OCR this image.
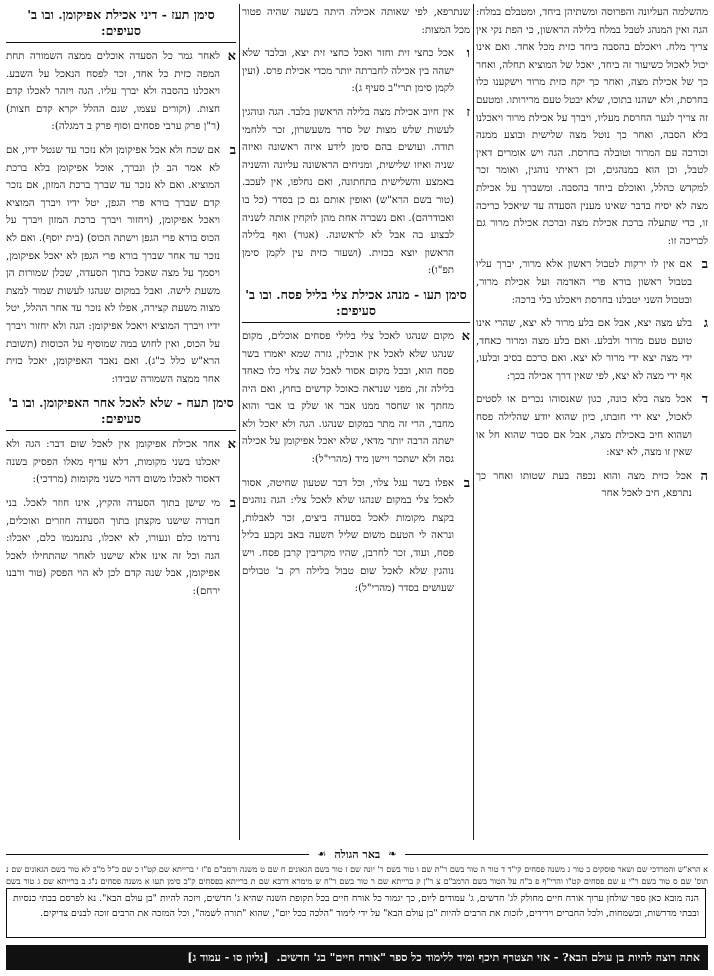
מהשלמה העליונה והפרוסה ומשתיהן ביחד, ומטבלם במלח: הגה ואין המנהג לטבל במלח בלילה הראשון, כי הפת נקי אין צריך מלח. ויאכלם בהסבה ביחד כזית מכל אחד. ואם אינו יכול לאכול כשיעור זה ביחד, יאכל של המוציא תחלה, ואחר כך של אכילת מצה, ואחר כך יקח כזית מרור וישקענו כלו בחרסת, ולא ישהנו בתוכו, שלא יבטל טעם מרירותו. ומטעם זה צריך לנער החרסת מעליו, ויברך על אכילת מרור ויאכלנו בלא הסבה, ואחר כך נוטל מצה שלישית ובוצע ממנה וכורכה עם המרור וטובלה בחרסת. הגה ויש אומרים דאין לטבל, וכן הוא במנהגים, וכן ראיתי נוהגין, ואומר זכר למקדש כהלל, ואוכלם ביחד בהסבה. ומשברך על אכילת מצה לא יסיח בדבר שאינו מענין הסעדה עד שיאכל כריכה זו, כדי שתעלה ברכת אכילת מצה וברכת אכילת מרור גם לכריכה זו:
ב
אם אין לו ירקות לטבול ראשון אלא מרור, יברך עליו בטבול ראשון בורא פרי האדמה ועל אכילת מרור, ובטבול השני יטבלנו בחרסת ויאכלנו בלי ברכה:
ג
בלע מצה יצא, אבל אם בלע מרור לא יצא, שהרי אינו טועם טעם מרור ולבלע. ואם בלע מצה ומרור כאחד, ידי מצה יצא ידי מרור לא יצא. ואם כרכם בסיב ובלעו, אף ידי מצה לא יצא, לפי שאין דרך אכילה בכך:
ד
אכל מצה בלא כונה, כגון שאנסוהו נכרים או לסטים לאכול, יצא ידי חובתו, כיון שהוא יודע שהלילה פסח ושהוא חיב באכילת מצה, אבל אם סבור שהוא חל או שאין זו מצה, לא יצא:
ה
אכל כזית מצה והוא נכפה בעת שטותו ואחר כך נתרפא, חיב לאכל אחר
שנתרפא, לפי שאותה אכילה היתה בשעה שהיה פטור מכל המצות:
ו
אכל כחצי זית וחזר ואכל כחצי זית יצא, ובלבד שלא ישהה בין אכילה לחברתה יותר מכדי אכילת פרס. (ועין לקמן סימן תרי"ב סעיף ג):
ז
אין חיוב אכילת מצה בלילה הראשון בלבד. הגה ונוהגין לעשות שלש מצות של סדר משעשרון, זכר ללחמי תודה. ועושים בהם סימן לידע איזה ראשונה ואיזה שניה ואיזו שלישית, ומניחים הראשונה עליונה והשניה באמצע והשלישית בתחתונה, ואם נחלפו, אין לעכב. (טור בשם הרא"ש) ואופין אותם גם כן בסדר (כל בו ואבודרהם). ואם נשברה אחת מהן לוקחין אותה לשניה לבצוע בה אבל לא לראשונה. (אגור) ואף בלילה הראשון יוצא בכזית. (ושעור כזית עין לקמן סימן תפ"ו):
סימן תעו - מנהג אכילת צלי בליל פסח. ובו ב' סעיפים:
א
מקום שנהגו לאכל צלי בלילי פסחים אוכלים, מקום שנהגו שלא לאכל אין אוכלין, גזרה שמא יאמרו בשר פסח הוא, ובכל מקום אסור לאכל שה צלוי כלו כאחד בלילה זה, מפני שנראה כאוכל קדשים בחוץ, ואם היה מחתך או שחסר ממנו אבר או שלק בו אבר והוא מחבר, הרי זה מתר במקום שנהגו. הגה ולא יאכל ולא ישתה הרבה יותר מדאי, שלא יאכל אפיקומן על אכילה גסה ולא ישתכר ויישן מיד (מהרי"ל):
ב
אפלו בשר עגל צלוי, וכל דבר שטעון שחיטה, אסור לאכל צלי במקום שנהגו שלא לאכל צלי: הגה נוהגים בקצת מקומות לאכל בסעדה ביצים, זכר לאבלות, ונראה לי הטעם משום שליל תשעה באב נקבע בליל פסח, ועוד, זכר לחרבן, שהיו מקריבין קרבן פסח. ויש נוהגין שלא לאכל שום טבול בלילה רק ב' טבולים שעושים בסדר (מהרי"ל):
סימן תעז - דיני אכילת אפיקומן. ובו ב' סעיפים:
א
לאחר גמר כל הסעדה אוכלים ממצה השמורה תחת המפה כזית כל אחד, זכר לפסח הנאכל על השבע. ויאכלנו בהסבה ולא יברך עליו. הגה ויזהר לאכלו קדם חצות. (וקורים עצמו, שגם ההלל יקרא קדם חצות) (ר"ן פרק ערבי פסחים וסוף פרק ב דמגלה):
ב
אם שכח ולא אכל אפיקומן ולא נזכר עד שנטל ידיו, אם לא אמר הב לן ונברך, אוכל אפיקומן בלא ברכת המוציא. ואם לא נזכר עד שברך ברכת המזון, אם נזכר קדם שברך בורא פרי הגפן, יטל ידיו ויברך המוציא ויאכל אפיקומן, (ויחזור ויברך ברכת המזון ויברך על הכוס בורא פרי הגפן וישתה הכוס) (בית יוסף). ואם לא נזכר עד אחר שברך בורא פרי הגפן לא יאכל אפיקומן, ויסמך על מצה שאכל בתוך הסעדה, שכלן שמורות הן משעת לישה. ואבל במקום שנהגו לעשות שמור למצת מצוה משעת קצירה, אפלו לא נזכר עד אחר ההלל, יטל ידיו ויברך המוציא ויאכל אפיקומן: הגה ולא יחזור ויברך על הכוס, ואין לחוש במה שמוסיף על הכוסות (תשובת הרא"ש כלל כ"ג). ואם נאבד האפיקומן, יאכל כזית אחר ממצה השמורה שבידו:
סימן תעח - שלא לאכל אחר האפיקומן. ובו ב' סעיפים:
א
אחר אכילת אפיקומן אין לאכל שום דבר: הגה ולא יאכלנו בשני מקומות, דלא עדיף מאלו הפסיק בשנה דאסור לאכלו משום דהוי כשני מקומות (מרדכי):
ב
מי שישן בתוך הסעדה והקיץ, אינו חוזר לאכל. בני חבורה שישנו מקצתן בתוך הסעדה חוזרים ואוכלים, נרדמו כלם ונעורו, לא יאכלו, נתנמנמו כלם, יאכלו: הגה וכל זה אינו אלא שישנו לאחר שהתחילו לאכל אפיקומן, אבל שנה קדם לכן לא הוי הפסק (טור ורבנו ירחם):
❧
באר הגולה
☙
א הרא"ש והמרדכי שם ושאר פוסקים ב טור ג משנה פסחים קי"ד ד טור ה טור בשם ר"ת שם ו טור בשם ר' יונה שם ז טור בשם הגאונים ח שם ט משנה ורמב"ם פ"ז י ברייתא שם קט"ו כ שם כ"ל מ"ב לא טור בשם הגאונים שם נ תוס' שם ס טור בשם ר"י ע שם פסחים קט"ו והרי"ף פ ב"ח על הטור בשם הרמב"ם צ ר"ן ק ברייתא שם ר טור בשם ר"ח ש מימרא דרבא שם ת ברייתא בפסחים ק"כ סימן תעו א משנה פסחים נ"ג ב ברייתא שם ג טור בשם
הנה מובא כאן ספר שולחן ערוך אורח חיים מחולק לג' חדשים, ג' עמודים ליום, כך יגמור כל אורח חיים בכל תקופת השנה שהיא ג' חדשים, ויזכה להיות "בן עולם הבא". נא לפרסם בבתי כנסיות ובבתי מדרשות, ובשמחות, ולכל החברים וידידים, לזכות את הרבים להיות "בן עולם הבא" על ידי לימוד "הלכה בכל יום", שהוא "תורה לשמה", וכל המזכה את הרבים זוכה לבנים צדיקים.
אתה רוצה להיות בן עולם הבא? - אזי תצטרף תיכף ומיד ללימוד כל ספר "אורח חיים" בג' חדשים.
[גליון סו - עמוד ג]
